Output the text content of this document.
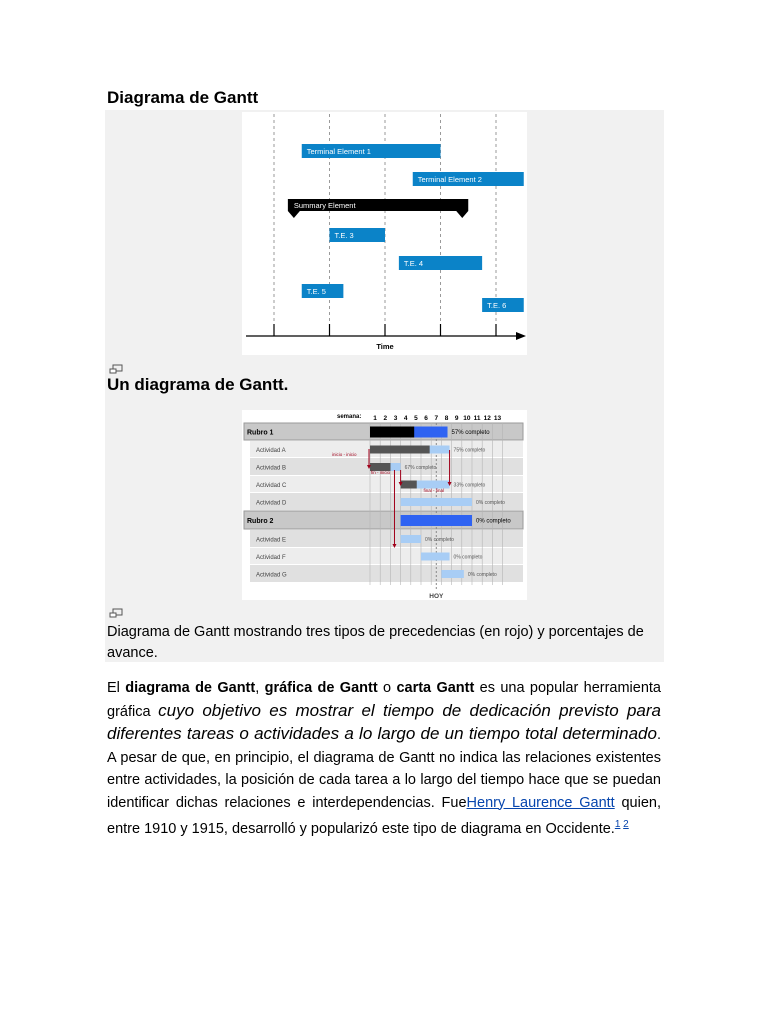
Diagrama de Gantt
Terminal Element 1
Terminal Element 2
T.E. 3
T.E. 4
T.E. 5
T.E. 6
Summary Element
Time
Un diagrama de Gantt.
semana: 1 2 3 4 5 6 7 8 9 10 11 12 13
Rubro 1
Actividad A
Actividad B
Actividad C
Actividad D
Rubro 2
Actividad E
Actividad F
Actividad G
HOY
57% completo
75% completo
67% completo
33% completo
0% completo
0% completo
0% completo
0% completo
0% completo
inicio - inicio
fin - inicio
final - final
Diagrama de Gantt mostrando tres tipos de precedencias (en rojo) y porcentajes de avance.
El diagrama de Gantt, gráfica de Gantt o carta Gantt es una popular herramienta gráfica cuyo objetivo es mostrar el tiempo de dedicación previsto para diferentes tareas o actividades a lo largo de un tiempo total determinado. A pesar de que, en principio, el diagrama de Gantt no indica las relaciones existentes entre actividades, la posición de cada tarea a lo largo del tiempo hace que se puedan identificar dichas relaciones e interdependencias. FueHenry Laurence Gantt quien, entre 1910 y 1915, desarrolló y popularizó este tipo de diagrama en Occidente.$^{1 2}$
